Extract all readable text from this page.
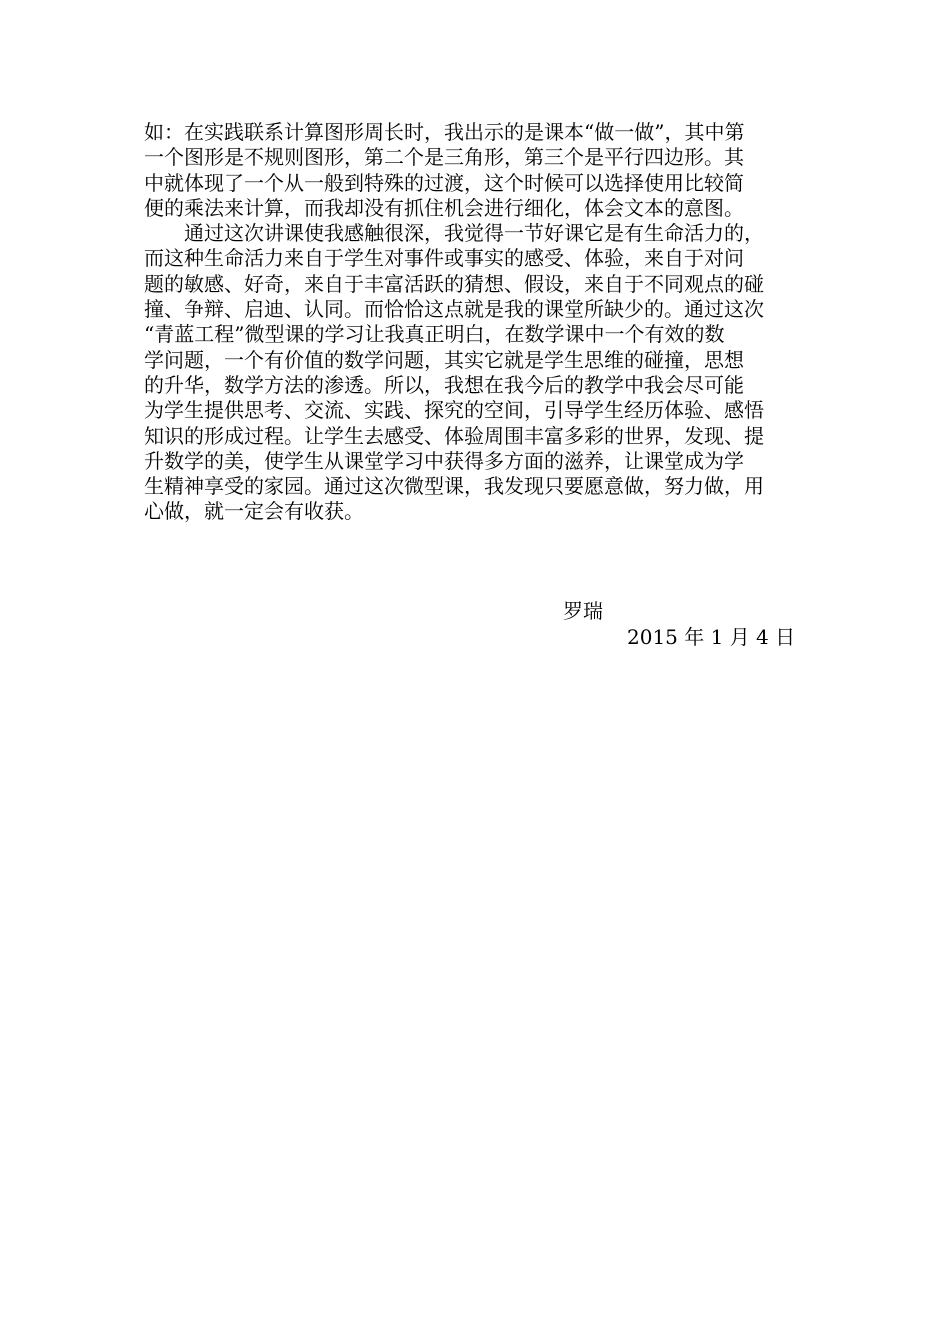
如：在实践联系计算图形周长时，我出示的是课本“做一做”，其中第
一个图形是不规则图形，第二个是三角形，第三个是平行四边形。其
中就体现了一个从一般到特殊的过渡，这个时候可以选择使用比较简
便的乘法来计算，而我却没有抓住机会进行细化，体会文本的意图。
　　通过这次讲课使我感触很深，我觉得一节好课它是有生命活力的，
而这种生命活力来自于学生对事件或事实的感受、体验，来自于对问
题的敏感、好奇，来自于丰富活跃的猜想、假设，来自于不同观点的碰
撞、争辩、启迪、认同。而恰恰这点就是我的课堂所缺少的。通过这次
“青蓝工程”微型课的学习让我真正明白，在数学课中一个有效的数
学问题，一个有价值的数学问题，其实它就是学生思维的碰撞，思想
的升华，数学方法的渗透。所以，我想在我今后的教学中我会尽可能
为学生提供思考、交流、实践、探究的空间，引导学生经历体验、感悟
知识的形成过程。让学生去感受、体验周围丰富多彩的世界，发现、提
升数学的美，使学生从课堂学习中获得多方面的滋养，让课堂成为学
生精神享受的家园。通过这次微型课，我发现只要愿意做，努力做，用
心做，就一定会有收获。
罗瑞
2015 年 1 月 4 日
